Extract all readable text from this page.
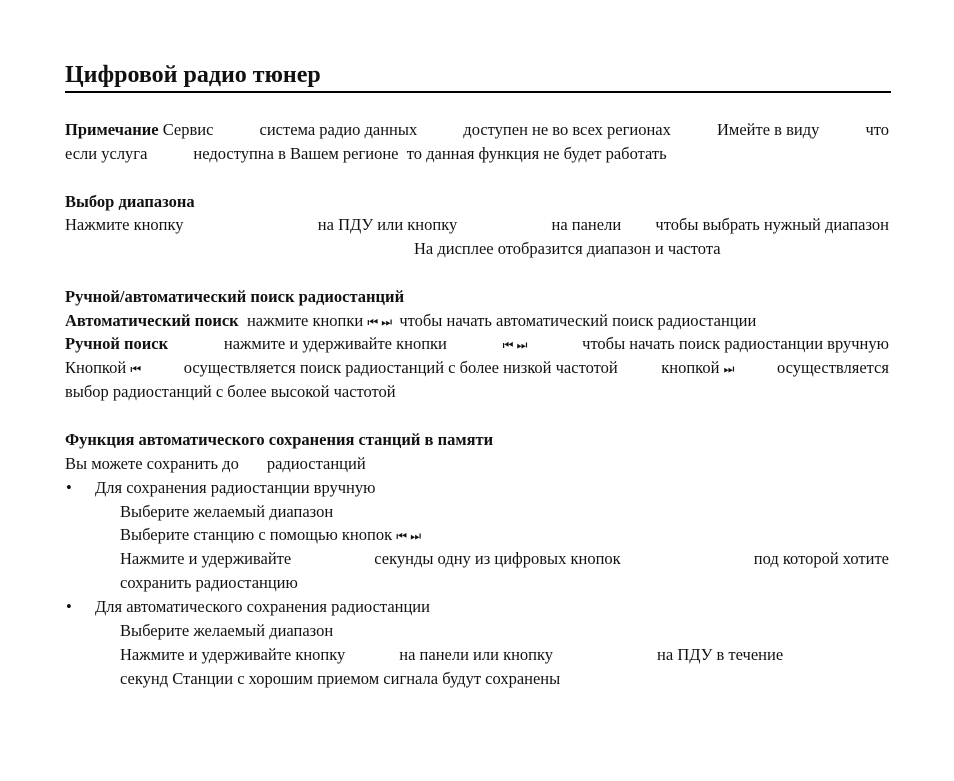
Цифровой радио тюнер
Примечание Сервис	система радио данных	доступен не во всех регионах	Имейте в виду	что
если услуга	недоступна в Вашем регионе то данная функция не будет работать
Выбор диапазона
Нажмите кнопку	на ПДУ или кнопку	на панели чтобы выбрать нужный диапазон
На дисплее отобразится диапазон и частота
Ручной/автоматический поиск радиостанций
Автоматический поиск нажмите кнопки ⏮ ⏭ чтобы начать автоматический поиск радиостанции
Ручной поиск	нажмите и удерживайте кнопки	⏮ ⏭	чтобы начать поиск радиостанции вручную
Кнопкой ⏮	осуществляется поиск радиостанций с более низкой частотой	кнопкой ⏭	осуществляется
выбор радиостанций с более высокой частотой
Функция автоматического сохранения станций в памяти
Вы можете сохранить до радиостанций
• Для сохранения радиостанции вручную
Выберите желаемый диапазон
Выберите станцию с помощью кнопок ⏮ ⏭
Нажмите и удерживайте	секунды одну из цифровых кнопок	под которой хотите
сохранить радиостанцию
• Для автоматического сохранения радиостанции
Выберите желаемый диапазон
Нажмите и удерживайте кнопку	на панели или кнопку	на ПДУ в течение
секунд Станции с хорошим приемом сигнала будут сохранены
